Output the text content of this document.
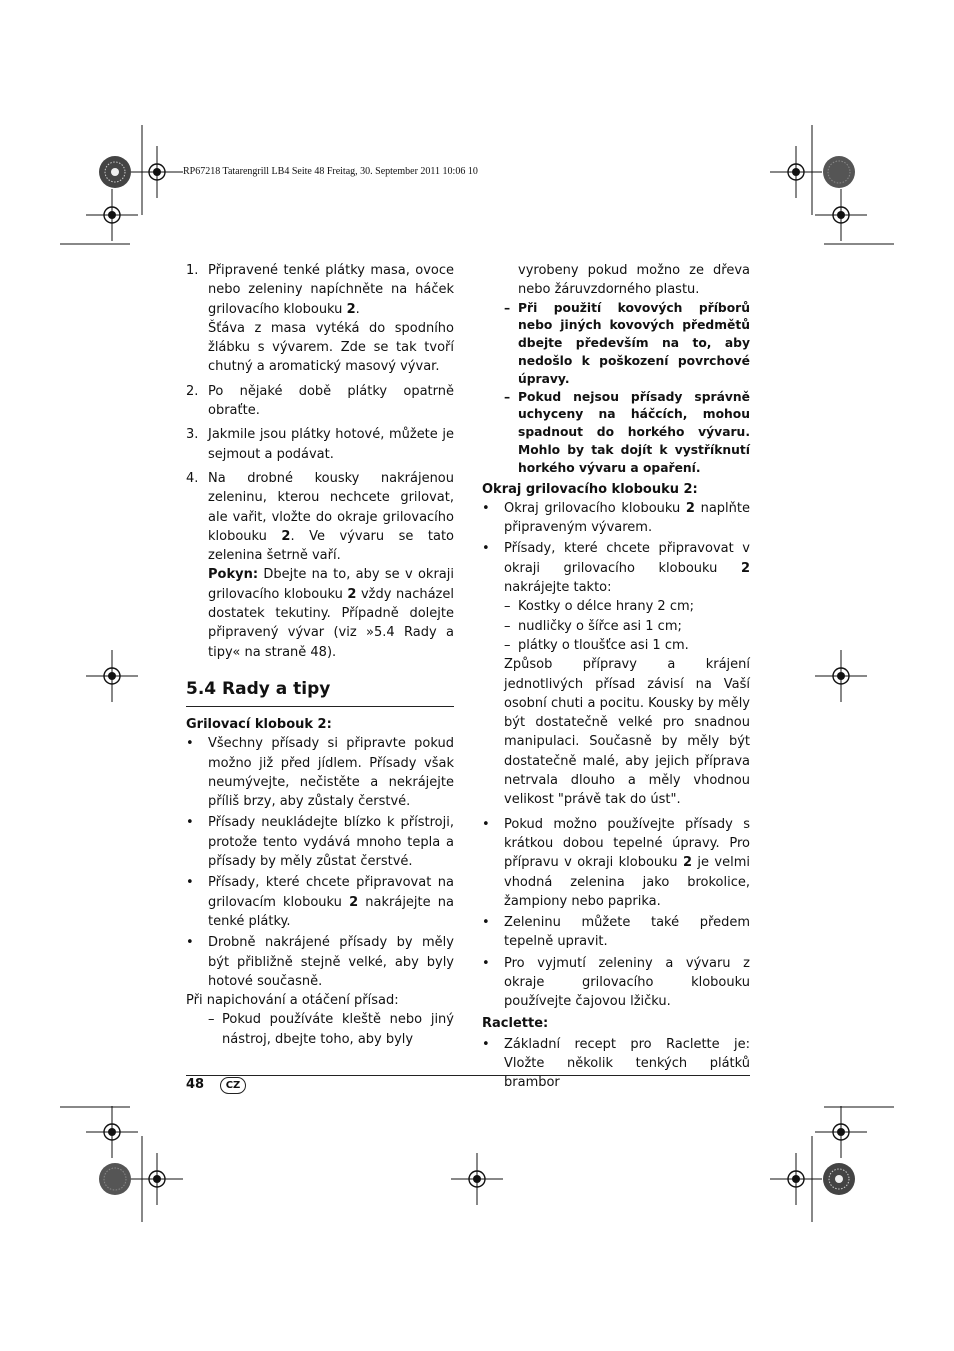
RP67218 Tatarengrill LB4 Seite 48 Freitag, 30. September 2011 10:06 10
1. Připravené tenké plátky masa, ovoce nebo zeleniny napíchněte na háček grilovacího klobouku 2.

Šťáva z masa vytéká do spodního žlábku s vývarem. Zde se tak tvoří chutný a aromatický masový vývar.

2. Po nějaké době plátky opatrně obraťte.
3. Jakmile jsou plátky hotové, můžete je sejmout a podávat.
4. Na drobné kousky nakrájenou zeleninu, kterou nechcete grilovat, ale vařit, vložte do okraje grilovacího klobouku 2. Ve vývaru se tato zelenina šetrně vaří.

Pokyn: Dbejte na to, aby se v okraji grilovacího klobouku 2 vždy nacházel dostatek tekutiny. Případně dolejte připravený vývar (viz »5.4 Rady a tipy« na straně 48).

5.4 Rady a tipy
Grilovací klobouk 2:
• Všechny přísady si připravte pokud možno již před jídlem. Přísady však neumývejte, nečistěte a nekrájejte příliš brzy, aby zůstaly čerstvé.
• Přísady neukládejte blízko k přístroji, protože tento vydává mnoho tepla a přísady by měly zůstat čerstvé.
• Přísady, které chcete připravovat na grilovacím klobouku 2 nakrájejte na tenké plátky.
• Drobně nakrájené přísady by měly být přibližně stejně velké, aby byly hotové současně.

Při napichování a otáčení přísad:

– Pokud používáte kleště nebo jiný nástroj, dbejte toho, aby byly

vyrobeny pokud možno ze dřeva nebo žáruvzdorného plastu.

– Při použití kovových příborů nebo jiných kovových předmětů dbejte především na to, aby nedošlo k poškození povrchové úpravy.
– Pokud nejsou přísady správně uchyceny na háčcích, mohou spadnout do horkého vývaru. Mohlo by tak dojít k vystříknutí horkého vývaru a opaření.
Okraj grilovacího klobouku 2:
• Okraj grilovacího klobouku 2 naplňte připraveným vývarem.
• Přísady, které chcete připravovat v okraji grilovacího klobouku 2 nakrájejte takto:
– Kostky o délce hrany 2 cm;
– nudličky o šířce asi 1 cm;
– plátky o tloušťce asi 1 cm.

Způsob přípravy a krájení jednotlivých přísad závisí na Vaší osobní chuti a pocitu. Kousky by měly být dostatečně velké pro snadnou manipulaci. Současně by měly být dostatečně malé, aby jejich příprava netrvala dlouho a měly vhodnou velikost "právě tak do úst".

• Pokud možno používejte přísady s krátkou dobou tepelné úpravy. Pro přípravu v okraji klobouku 2 je velmi vhodná zelenina jako brokolice, žampiony nebo paprika.
• Zeleninu můžete také předem tepelně upravit.
• Pro vyjmutí zeleniny a vývaru z okraje grilovacího klobouku používejte čajovou lžičku.
Raclette:
• Základní recept pro Raclette je: Vložte několik tenkých plátků brambor
48	CZ
